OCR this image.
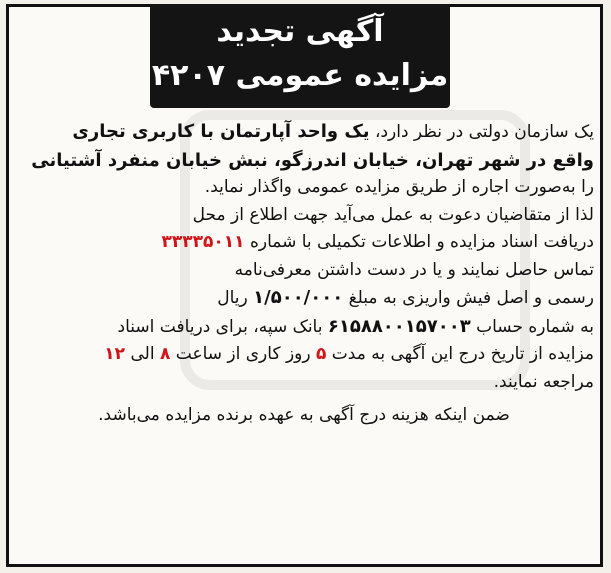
آگهی تجدید
مزایده عمومی ۴۲۰۷
یک سازمان دولتی در نظر دارد، یک واحد آپارتمان با کاربری تجاری
واقع در شهر تهران، خیابان اندرزگو، نبش خیابان منفرد آشتیانی
را به‌صورت اجاره از طریق مزایده عمومی واگذار نماید.
لذا از متقاضیان دعوت به عمل می‌آید جهت اطلاع از محل
دریافت اسناد مزایده و اطلاعات تکمیلی با شماره ۳۳۳۳۵۰۱۱
تماس حاصل نمایند و یا در دست داشتن معرفی‌نامه
رسمی و اصل فیش واریزی به مبلغ ۱/۵۰۰/۰۰۰ ریال
به شماره حساب ۶۱۵۸۸۰۰۱۵۷۰۰۳ بانک سپه، برای دریافت اسناد
مزایده از تاریخ درج این آگهی به مدت ۵ روز کاری از ساعت ۸ الی ۱۲
مراجعه نمایند.
ضمن اینکه هزینه درج آگهی به عهده برنده مزایده می‌باشد.
